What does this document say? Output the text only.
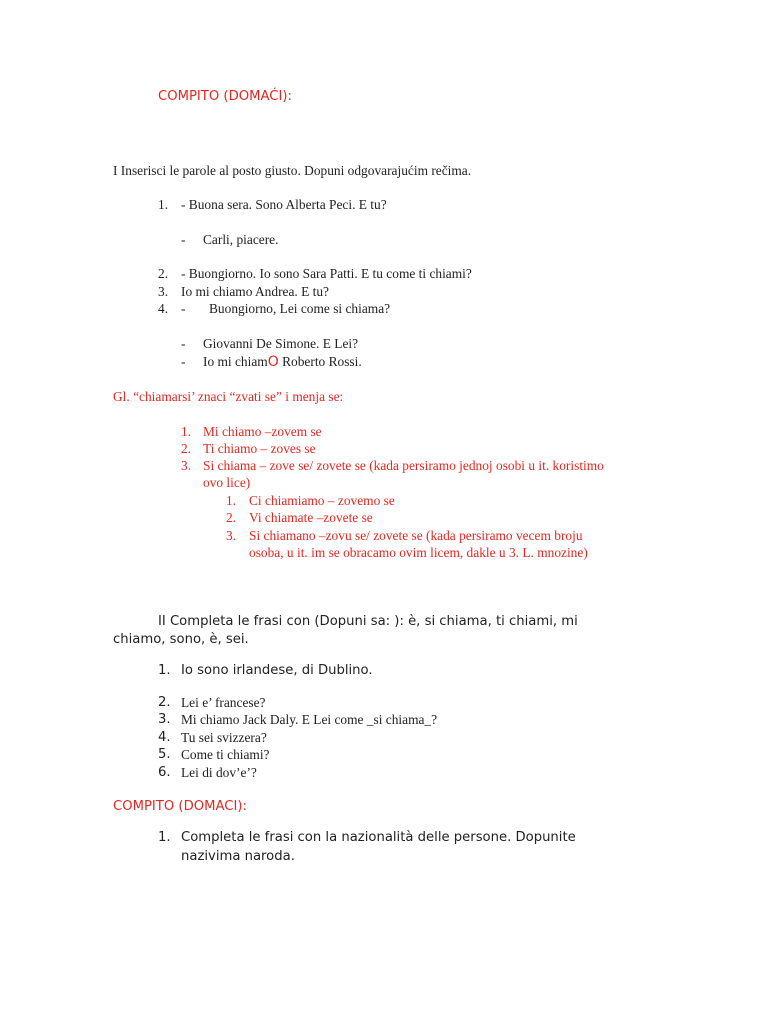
COMPITO (DOMAĆI):
I Inserisci le parole al posto giusto. Dopuni odgovarajućim rečima.
1. - Buona sera. Sono Alberta Peci. E tu?
- Carli, piacere.
2. - Buongiorno. Io sono Sara Patti. E tu come ti chiami?
3. Io mi chiamo Andrea. E tu?
4. - Buongiorno, Lei come si chiama?
- Giovanni De Simone. E Lei?
- Io mi chiamO Roberto Rossi.
Gl. “chiamarsi’ znaci “zvati se” i menja se:
1. Mi chiamo –zovem se
2. Ti chiamo – zoves se
3. Si chiama – zove se/ zovete se (kada persiramo jednoj osobi u it. koristimo
ovo lice)
1. Ci chiamiamo – zovemo se
2. Vi chiamate –zovete se
3. Si chiamano –zovu se/ zovete se (kada persiramo vecem broju
osoba, u it. im se obracamo ovim licem, dakle u 3. L. mnozine)
II Completa le frasi con (Dopuni sa: ): è, si chiama, ti chiami, mi
chiamo, sono, è, sei.
1. Io sono irlandese, di Dublino.
2. Lei e’ francese?
3. Mi chiamo Jack Daly. E Lei come _si chiama_?
4. Tu sei svizzera?
5. Come ti chiami?
6. Lei di dov’e’?
COMPITO (DOMACI):
1. Completa le frasi con la nazionalità delle persone. Dopunite
nazivima naroda.
